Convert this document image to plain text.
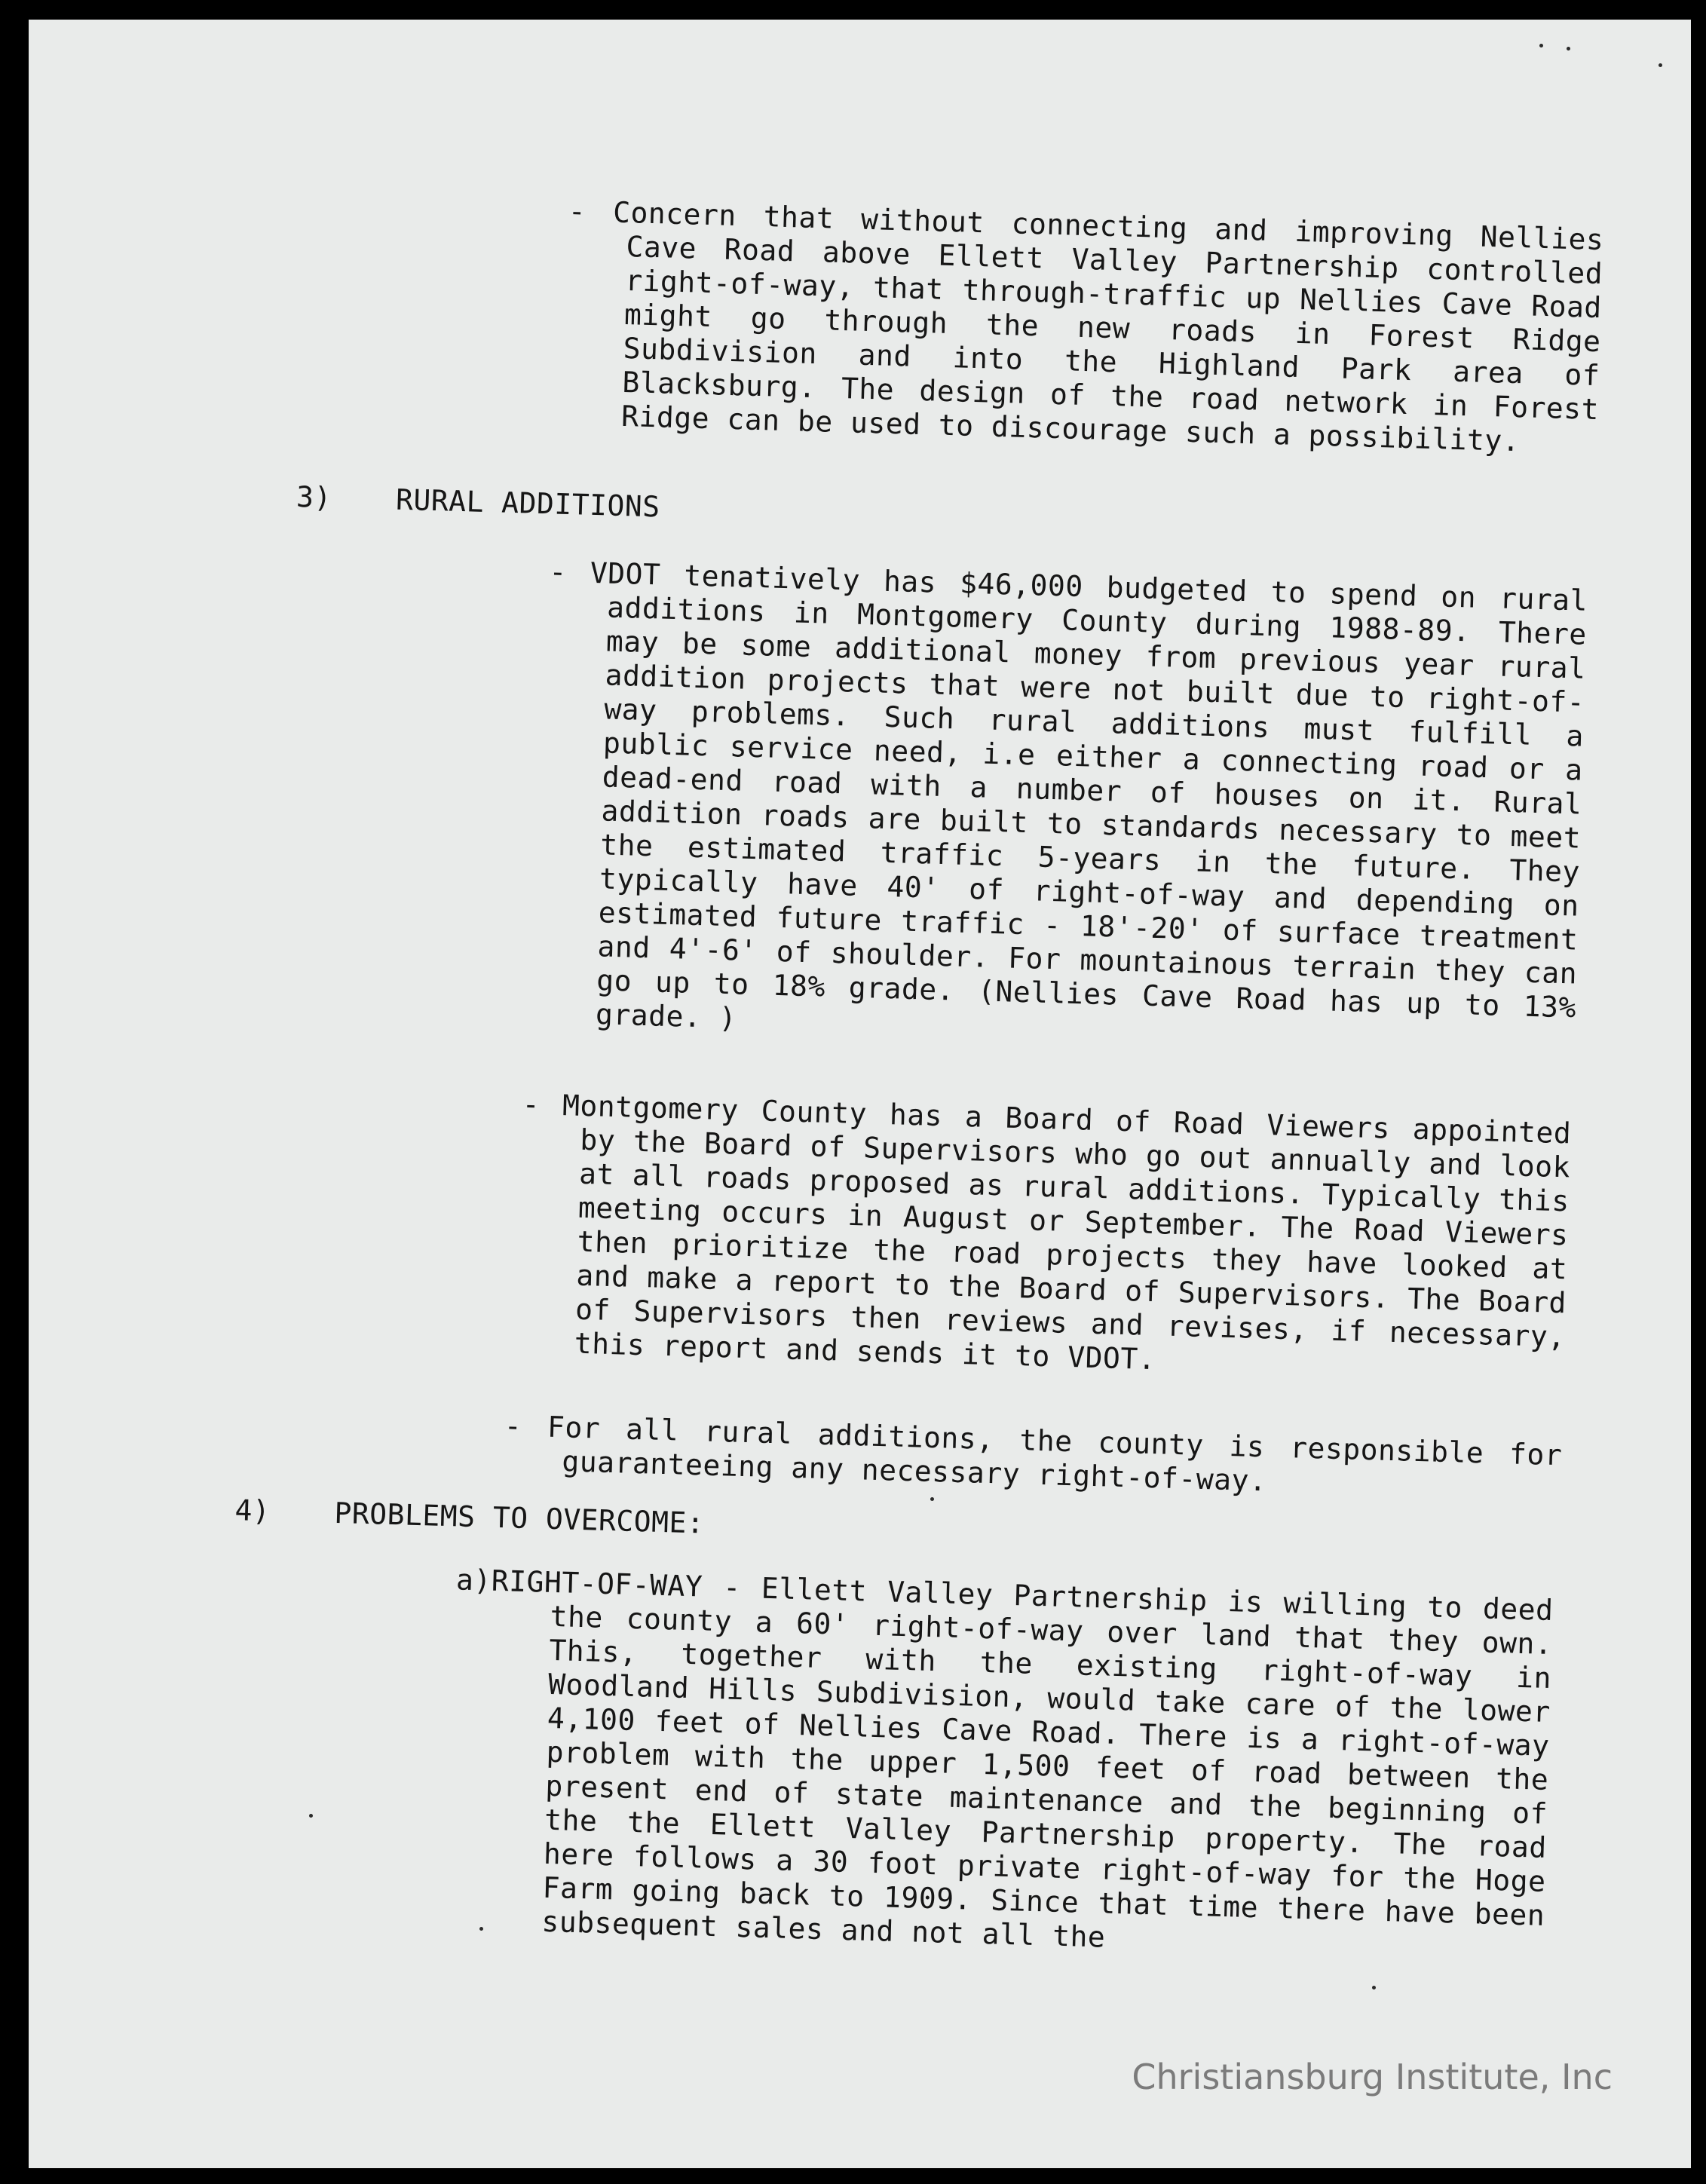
- Concern that without connecting and improving Nellies Cave Road above Ellett Valley Partnership controlled right-of-way, that through-traffic up Nellies Cave Road might go through the new roads in Forest Ridge Subdivision and into the Highland Park area of Blacksburg. The design of the road network in Forest Ridge can be used to discourage such a possibility.

3) RURAL ADDITIONS

- VDOT tenatively has $46,000 budgeted to spend on rural additions in Montgomery County during 1988-89. There may be some additional money from previous year rural addition projects that were not built due to right-of-way problems. Such rural additions must fulfill a public service need, i.e either a connecting road or a dead-end road with a number of houses on it. Rural addition roads are built to standards necessary to meet the estimated traffic 5-years in the future. They typically have 40' of right-of-way and depending on estimated future traffic - 18'-20' of surface treatment and 4'-6' of shoulder. For mountainous terrain they can go up to 18% grade. (Nellies Cave Road has up to 13% grade. )

- Montgomery County has a Board of Road Viewers appointed by the Board of Supervisors who go out annually and look at all roads proposed as rural additions. Typically this meeting occurs in August or September. The Road Viewers then prioritize the road projects they have looked at and make a report to the Board of Supervisors. The Board of Supervisors then reviews and revises, if necessary, this report and sends it to VDOT.

- For all rural additions, the county is responsible for guaranteeing any necessary right-of-way.

4) PROBLEMS TO OVERCOME:

a)RIGHT-OF-WAY - Ellett Valley Partnership is willing to deed the county a 60' right-of-way over land that they own. This, together with the existing right-of-way in Woodland Hills Subdivision, would take care of the lower 4,100 feet of Nellies Cave Road. There is a right-of-way problem with the upper 1,500 feet of road between the present end of state maintenance and the beginning of the the Ellett Valley Partnership property. The road here follows a 30 foot private right-of-way for the Hoge Farm going back to 1909. Since that time there have been subsequent sales and not all the

Christiansburg Institute, Inc
